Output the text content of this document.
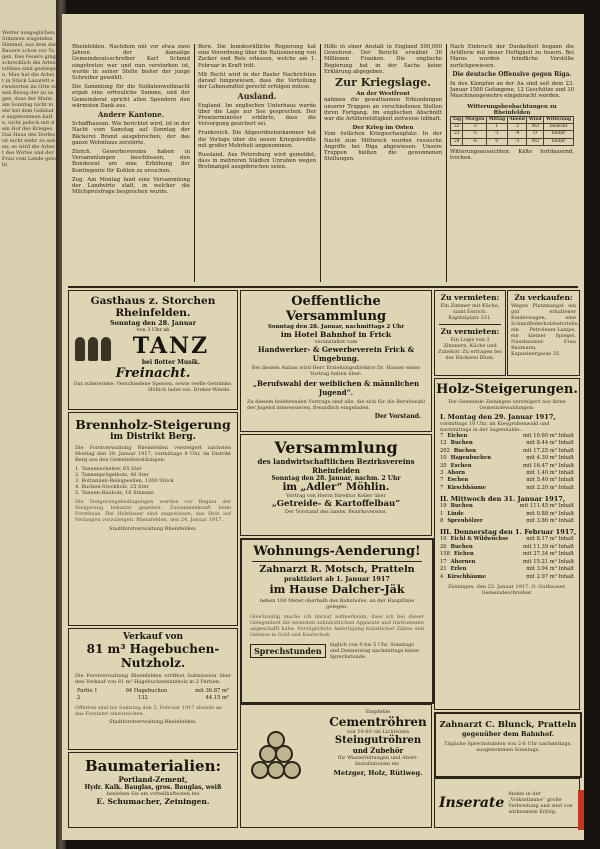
Wetter ausgeglichen. Stimmen wagenden Himmel, aus dem die Bauern schon vor Tagen. Des Feuers ging schrecklich die Arbeitslöhne sind gestiegen. Man hat die Arbeit in Stück Lazarett erweiterten im Orte einen Bezug der zu sagen, dass der Mann am Sonntag nicht mehr bei dem Gebäude angenommen hatte, nicht jedoch mit dem Hof des Krieges. Das Haus des Dorfes ist nicht mehr zu sehen; es wird die Arbeit des Wirtes und der Frau vom Lande gelobt.

Rheinfelden. Nachdem mit vor etwa zwei Jahren der damalige Gemeinderatsschreiber Karl Schmid eingetreten war und nun verstorben ist, wurde in seiner Stelle bisher der junge Schreiber gewählt.

Die Sammlung für die Soldatenweihnacht ergab eine erfreuliche Summe, und der Gemeinderat spricht allen Spendern den wärmsten Dank aus.

Andere Kantone.

Schaffhausen. Wie berichtet wird, ist in der Nacht vom Samstag auf Sonntag der Bäckerei Brand ausgebrochen, der das ganze Wohnhaus zerstörte.

Zürich. Gewerbevereine haben in Versammlungen beschlossen, den Bundesrat um eine Erhöhung der Kontingente für Kohlen zu ersuchen.

Zug. Am Montag fand eine Versammlung der Landwirte statt, in welcher die Milchpreisfrage besprochen wurde.

Bern. Die bundesrätliche Regierung hat eine Verordnung über die Rationierung von Zucker und Reis erlassen, welche am 1. Februar in Kraft tritt.

Mit Recht wird in der Basler Nachrichten darauf hingewiesen, dass die Verteilung der Lebensmittel gerecht erfolgen müsse.

Ausland.

England. Im englischen Unterhaus wurde über die Lage zur See gesprochen. Der Premierminister erklärte, dass die Versorgung gesichert sei.

Frankreich. Die Abgeordnetenkammer hat die Vorlage über die neuen Kriegskredite mit großer Mehrheit angenommen.

Russland. Aus Petersburg wird gemeldet, dass in mehreren Städten Unruhen wegen Brotmangel ausgebrochen seien.

Hilfe in einer Anstalt in England 500,000 Gewehren. Der Bericht erwähnt 30 Millionen Franken. Die englische Regierung hat in der Sache keine Erklärung abgegeben.

Zur Kriegslage.
An der Westfront

nahmen die gewaltsamen Erkundungen unserer Truppen an verschiedenen Stellen ihren Fortgang. Im englischen Abschnitt war die Artillerietätigkeit zeitweise lebhaft.

Der Krieg im Osten

Vom östlichen Kriegsschauplatz: In der Nacht zum Mittwoch wurden russische Angriffe bei Riga abgewiesen. Unsere Truppen hielten die gewonnenen Stellungen.

Nach Einbruch der Dunkelheit begann die Artillerie mit neuer Heftigkeit zu feuern. Bei Maros wurden feindliche Vorstöße zurückgewiesen.

Die deutsche Offensive gegen Riga.

In den Kämpfen an der Aa sind seit dem 23. Januar 1500 Gefangene, 12 Geschütze und 30 Maschinengewehre eingebracht worden.

Witterungsbeobachtungen zu Rheinfelden
Tag	Morgen	Mittag	Abend	Wind	Witterung
22	-3	1	-2	NO	bedeckt
23	-5	-1	-4	O	heiter
24	-6	0	-3	NO	heiter

Witterungsaussichten: Kälte fortdauernd, trocken.

Gasthaus z. Storchen Rheinfelden.
Sonntag den 28. Januar
von 3 Uhr ab
TANZ
bei flotter Musik.
Freinacht.
Gut zubereitete: Verschiedene Speisen, sowie reelle Getränke.
Höflich ladet ein: Dreher-Wiesle.
Brennholz-Steigerung
im Distrikt Berg.
Die Forstverwaltung Rheinfelden versteigert nächsten Montag den 29. Januar 1917, vormittags 9 Uhr, im Distrikt Berg aus den Gemeindewaldungen:
1. Tannenscheiter, 65 Ster
2. Tannenprügelholz, 40 Ster
3. Rottannen-Reisigwellen, 1200 Stück
4. Buchen-Stockholz, 25 Ster
5. Tannen-Bauholz, 18 Stämme
Die Steigerungsbedingungen werden vor Beginn der Steigerung bekannt gegeben. Zusammenkunft beim Forsthaus. Die Holzhauer sind angewiesen, das Holz auf Verlangen vorzuzeigen. Rheinfelden, den 24. Januar 1917.
Stadtforstverwaltung Rheinfelden.
Verkauf von
81 m³ Hagebuchen-Nutzholz.
Die Forstverwaltung Rheinfelden eröffnet Submission über den Verkauf von 81 m³ Hagebuchennutzholz in 2 Partien:
Partie 1	94 Hagebuchen	mit 36.87 m³
2	132	44.15 m³
Offerten sind bis Samstag den 3. Februar 1917 abends an das Forstamt einzureichen.
Stadtforstverwaltung Rheinfelden.
Baumaterialien:
Portland-Zement,
Hydr. Kalk. Bauglas, gros. Bauglas, weiß
beziehen Sie am vorteilhaftesten bei
E. Schumacher, Zeiningen.
Oeffentliche Versammlung
Sonntag den 28. Januar, nachmittags 2 Uhr
im Hotel Bahnhof in Frick
veranstaltet vom
Handwerker- & Gewerbeverein Frick & Umgebung.
Bei diesem Anlass wird Herr Erziehungsdirektor Dr. Hauser einen Vortrag halten über:
„Berufswahl der weiblichen & männlichen Jugend“.
Zu diesem belehrenden Vortrage sind alle, die sich für die Berufswahl der Jugend interessieren, freundlich eingeladen.
Der Vorstand.
Versammlung
des landwirtschaftlichen Bezirksvereins Rheinfelden
Sonntag den 28. Januar, nachm. 2 Uhr
im „Adler“ Möhlin.
Vortrag von Herrn Direktor Keller über
„Getreide- & Kartoffelbau“
Der Vorstand des landw. Bezirksvereins.
Wohnungs-Aenderung!
Zahnarzt R. Motsch, Pratteln
praktiziert ab 1. Januar 1917
im Hause Dalcher-Jäk
neben 100 Meter oberhalb des Bahnhofes, an der Hauptlinie gelegen.
Gleichzeitig mache ich darauf aufmerksam, dass ich bei dieser Gelegenheit die neuesten zahnärztlichen Apparate und Instrumente angeschafft habe. Vorzüglichste Anfertigung künstlicher Zähne und Gebisse in Gold und Kautschuk.
Sprechstunden
täglich von 9 bis 5 Uhr. Sonntags und Donnerstag nachmittags keine Sprechstunde.
Empfehle
Cementröhren
von 10-60 cm Lichtweite
Steingutröhren
und Zubehör
für Wasserleitungen und Abort-Installationen etc.
Metzger, Holz, Rütiweg.
Zu vermieten:
Ein Zimmer mit Küche, samt Estrich. Kapitalplatz 331.
Zu vermieten:
Ein Logis von 3 Zimmern, Küche und Zubehör. Zu erfragen bei der Bäckerei Blum.
Zu verkaufen:
Wegen Platzmangel ein gut erhaltener Kinderwagen, eine Schmidfederholzbettstelle, ein Petroleum-Lampe, ein kleiner Spiegel, Nussbaumer. Frau Baumann, Kapuzinergasse 35.
Holz-Steigerungen.
Die Gemeinde Zeiningen versteigert aus ihren Gemeindewaldungen:
I. Montag den 29. Januar 1917,
vormittags 10 Uhr, im Kiesgrubenwald und nachmittags in der Sagenhalde:
7 Eichen	mit 10.60 m³ Inhalt
12 Buchen	mit 8.44 m³ Inhalt
202 Buchen	mit 17.25 m³ Inhalt
10 Hagenbuchen	mit 4.30 m³ Inhalt
35 Eschen	mit 16.47 m³ Inhalt
3 Ahorn	mit 1.40 m³ Inhalt
7 Eschen	mit 5.40 m³ Inhalt
7 Kirschbäume	mit 2.20 m³ Inhalt
II. Mittwoch den 31. Januar 1917,
19 Buchen	mit 111.45 m³ Inhalt
1 Linde	mit 0.88 m³ Inhalt
8 Spreuhölzer	mit 3.86 m³ Inhalt
III. Donnerstag den 1. Februar 1917,
10 Eichl & Wildwüchse	mit 8.17 m³ Inhalt
20 Buchen	mit 11.39 m³ Inhalt
158 Eichen	mit 27.34 m³ Inhalt
17 Ahornen	mit 15.21 m³ Inhalt
21 Erlen	mit 3.94 m³ Inhalt
4 Kirschbäume	mit 2.97 m³ Inhalt
Zeiningen, den 23. Januar 1917. O. Guthauser, Gemeindeschreiber.
Zahnarzt C. Blunck, Pratteln
gegenüber dem Bahnhof.
Tägliche Sprechstunden von 2-6 Uhr nachmittags, ausgenommen Sonntags.
Inserate
finden in der „Volksstimme“ große Verbreitung und sind von wirksamem Erfolg.
